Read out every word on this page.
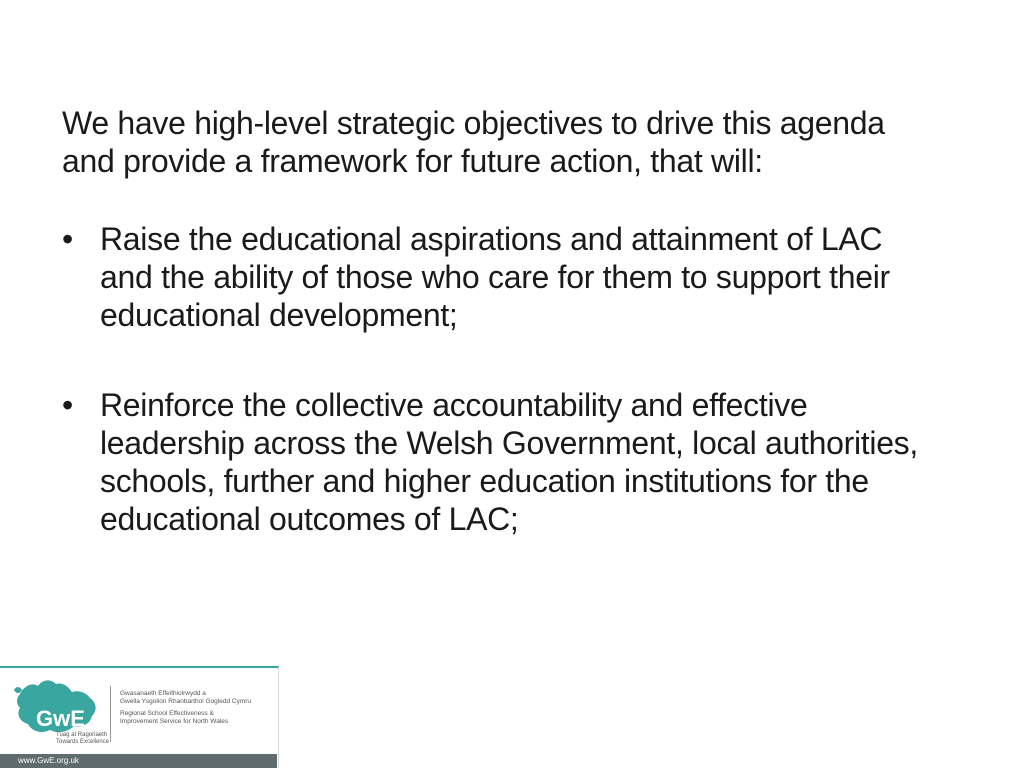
We have high-level strategic objectives to drive this agenda and provide a framework for future action, that will:

• Raise the educational aspirations and attainment of LAC and the ability of those who care for them to support their educational development;
• Reinforce the collective accountability and effective leadership across the Welsh Government, local authorities, schools, further and higher education institutions for the educational outcomes of LAC;
GwE
Tuag at Ragoriaeth Towards Excellence
Gwasanaeth Effeithiolrwydd a
Gwella Ysgolion Rhanbarthol Gogledd Cymru
Regional School Effectiveness &
Improvement Service for North Wales
www.GwE.org.uk
